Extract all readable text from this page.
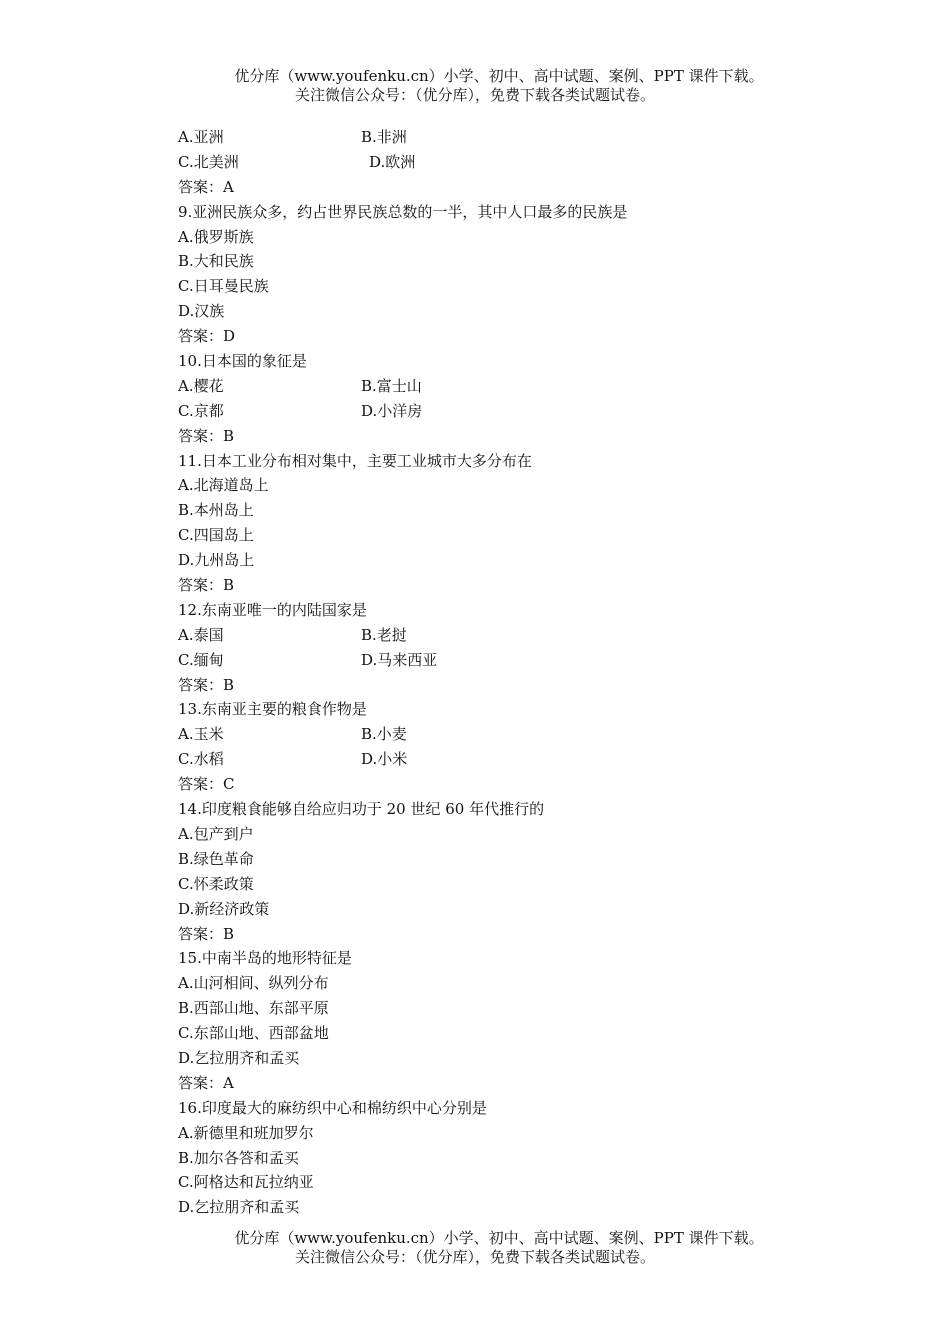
优分库（www.youfenku.cn）小学、初中、高中试题、案例、PPT 课件下载。
关注微信公众号：（优分库），免费下载各类试题试卷。
A.亚洲	B.非洲
C.北美洲	D.欧洲
答案：A
9.亚洲民族众多，约占世界民族总数的一半，其中人口最多的民族是
A.俄罗斯族
B.大和民族
C.日耳曼民族
D.汉族
答案：D
10.日本国的象征是
A.樱花	B.富士山
C.京都	D.小洋房
答案：B
11.日本工业分布相对集中，主要工业城市大多分布在
A.北海道岛上
B.本州岛上
C.四国岛上
D.九州岛上
答案：B
12.东南亚唯一的内陆国家是
A.泰国	B.老挝
C.缅甸	D.马来西亚
答案：B
13.东南亚主要的粮食作物是
A.玉米	B.小麦
C.水稻	D.小米
答案：C
14.印度粮食能够自给应归功于 20 世纪 60 年代推行的
A.包产到户
B.绿色革命
C.怀柔政策
D.新经济政策
答案：B
15.中南半岛的地形特征是
A.山河相间、纵列分布
B.西部山地、东部平原
C.东部山地、西部盆地
D.乞拉朋齐和孟买
答案：A
16.印度最大的麻纺织中心和棉纺织中心分别是
A.新德里和班加罗尔
B.加尔各答和孟买
C.阿格达和瓦拉纳亚
D.乞拉朋齐和孟买
优分库（www.youfenku.cn）小学、初中、高中试题、案例、PPT 课件下载。
关注微信公众号：（优分库），免费下载各类试题试卷。
